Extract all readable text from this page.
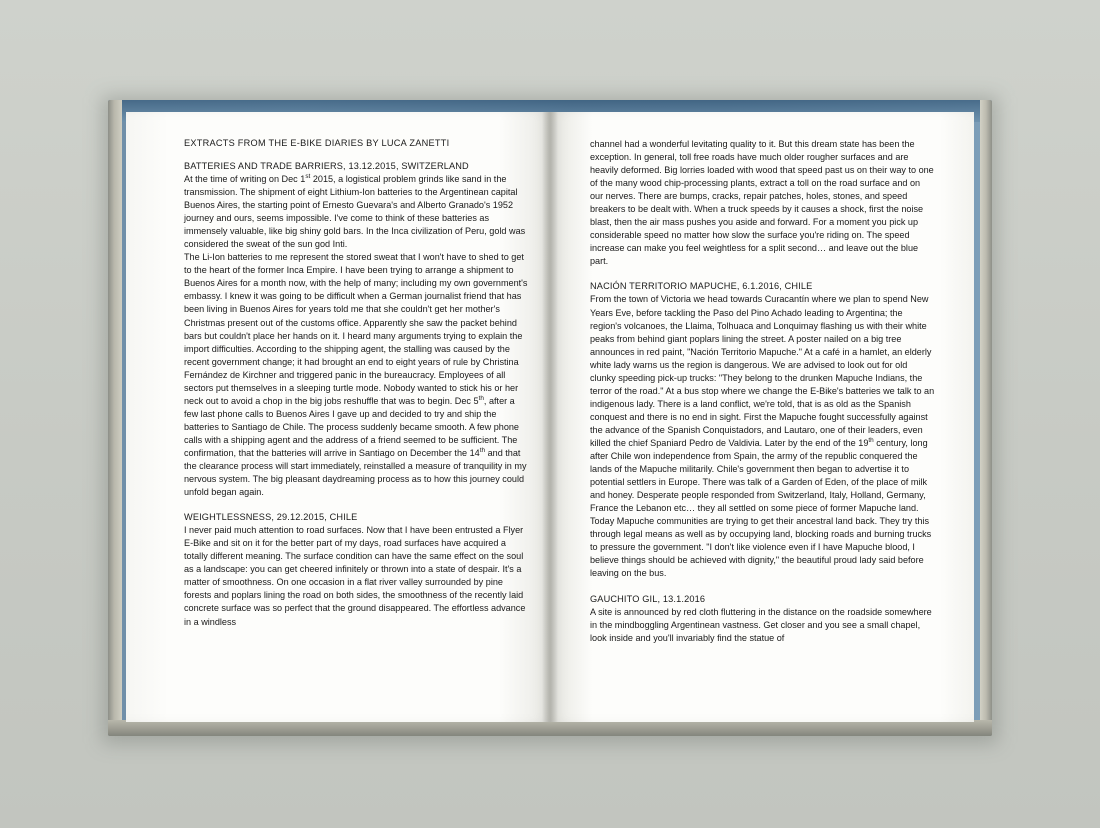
EXTRACTS FROM THE E-BIKE DIARIES BY LUCA ZANETTI

BATTERIES AND TRADE BARRIERS, 13.12.2015, SWITZERLAND

At the time of writing on Dec 1st 2015, a logistical problem grinds like sand in the transmission. The shipment of eight Lithium-Ion batteries to the Argentinean capital Buenos Aires, the starting point of Ernesto Guevara's and Alberto Granado's 1952 journey and ours, seems impossible. I've come to think of these batteries as immensely valuable, like big shiny gold bars. In the Inca civilization of Peru, gold was considered the sweat of the sun god Inti.

The Li-Ion batteries to me represent the stored sweat that I won't have to shed to get to the heart of the former Inca Empire. I have been trying to arrange a shipment to Buenos Aires for a month now, with the help of many; including my own government's embassy. I knew it was going to be difficult when a German journalist friend that has been living in Buenos Aires for years told me that she couldn't get her mother's Christmas present out of the customs office. Apparently she saw the packet behind bars but couldn't place her hands on it. I heard many arguments trying to explain the import difficulties. According to the shipping agent, the stalling was caused by the recent government change; it had brought an end to eight years of rule by Christina Fernández de Kirchner and triggered panic in the bureaucracy. Employees of all sectors put themselves in a sleeping turtle mode. Nobody wanted to stick his or her neck out to avoid a chop in the big jobs reshuffle that was to begin. Dec 5th, after a few last phone calls to Buenos Aires I gave up and decided to try and ship the batteries to Santiago de Chile. The process suddenly became smooth. A few phone calls with a shipping agent and the address of a friend seemed to be sufficient. The confirmation, that the batteries will arrive in Santiago on December the 14th and that the clearance process will start immediately, reinstalled a measure of tranquility in my nervous system. The big pleasant daydreaming process as to how this journey could unfold began again.

WEIGHTLESSNESS, 29.12.2015, CHILE

I never paid much attention to road surfaces. Now that I have been entrusted a Flyer E-Bike and sit on it for the better part of my days, road surfaces have acquired a totally different meaning. The surface condition can have the same effect on the soul as a landscape: you can get cheered infinitely or thrown into a state of despair. It's a matter of smoothness. On one occasion in a flat river valley surrounded by pine forests and poplars lining the road on both sides, the smoothness of the recently laid concrete surface was so perfect that the ground disappeared. The effortless advance in a windless

channel had a wonderful levitating quality to it. But this dream state has been the exception. In general, toll free roads have much older rougher surfaces and are heavily deformed. Big lorries loaded with wood that speed past us on their way to one of the many wood chip-processing plants, extract a toll on the road surface and on our nerves. There are bumps, cracks, repair patches, holes, stones, and speed breakers to be dealt with. When a truck speeds by it causes a shock, first the noise blast, then the air mass pushes you aside and forward. For a moment you pick up considerable speed no matter how slow the surface you're riding on. The speed increase can make you feel weightless for a split second… and leave out the blue part.

NACIÓN TERRITORIO MAPUCHE, 6.1.2016, CHILE

From the town of Victoria we head towards Curacantín where we plan to spend New Years Eve, before tackling the Paso del Pino Achado leading to Argentina; the region's volcanoes, the Llaima, Tolhuaca and Lonquimay flashing us with their white peaks from behind giant poplars lining the street. A poster nailed on a big tree announces in red paint, "Nación Territorio Mapuche." At a café in a hamlet, an elderly white lady warns us the region is dangerous. We are advised to look out for old clunky speeding pick-up trucks: "They belong to the drunken Mapuche Indians, the terror of the road." At a bus stop where we change the E-Bike's batteries we talk to an indigenous lady. There is a land conflict, we're told, that is as old as the Spanish conquest and there is no end in sight. First the Mapuche fought successfully against the advance of the Spanish Conquistadors, and Lautaro, one of their leaders, even killed the chief Spaniard Pedro de Valdivia. Later by the end of the 19th century, long after Chile won independence from Spain, the army of the republic conquered the lands of the Mapuche militarily. Chile's government then began to advertise it to potential settlers in Europe. There was talk of a Garden of Eden, of the place of milk and honey. Desperate people responded from Switzerland, Italy, Holland, Germany, France the Lebanon etc… they all settled on some piece of former Mapuche land. Today Mapuche communities are trying to get their ancestral land back. They try this through legal means as well as by occupying land, blocking roads and burning trucks to pressure the government. "I don't like violence even if I have Mapuche blood, I believe things should be achieved with dignity," the beautiful proud lady said before leaving on the bus.

GAUCHITO GIL, 13.1.2016

A site is announced by red cloth fluttering in the distance on the roadside somewhere in the mindboggling Argentinean vastness. Get closer and you see a small chapel, look inside and you'll invariably find the statue of
